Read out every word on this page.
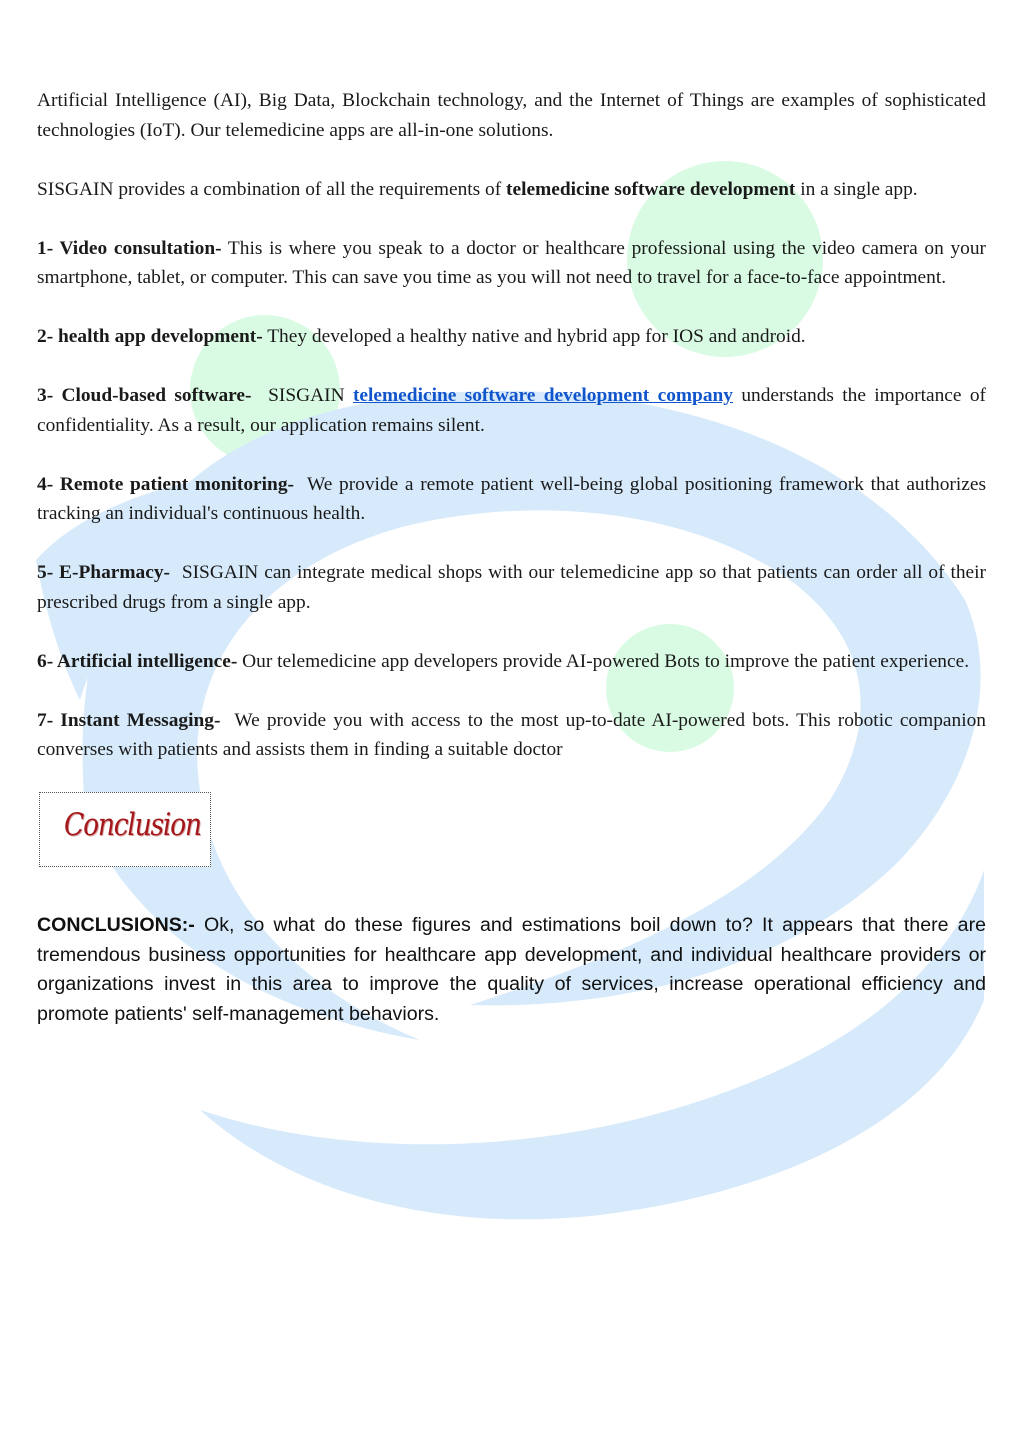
Artificial Intelligence (AI), Big Data, Blockchain technology, and the Internet of Things are examples of sophisticated technologies (IoT). Our telemedicine apps are all-in-one solutions.

SISGAIN provides a combination of all the requirements of telemedicine software development in a single app.

1- Video consultation- This is where you speak to a doctor or healthcare professional using the video camera on your smartphone, tablet, or computer. This can save you time as you will not need to travel for a face-to-face appointment.

2- health app development- They developed a healthy native and hybrid app for IOS and android.

3- Cloud-based software-  SISGAIN telemedicine software development company understands the importance of confidentiality. As a result, our application remains silent.

4- Remote patient monitoring-  We provide a remote patient well-being global positioning framework that authorizes tracking an individual's continuous health.

5- E-Pharmacy-  SISGAIN can integrate medical shops with our telemedicine app so that patients can order all of their prescribed drugs from a single app.

6- Artificial intelligence- Our telemedicine app developers provide AI-powered Bots to improve the patient experience.

7- Instant Messaging-  We provide you with access to the most up-to-date AI-powered bots. This robotic companion converses with patients and assists them in finding a suitable doctor

Conclusion

CONCLUSIONS:- Ok, so what do these figures and estimations boil down to? It appears that there are tremendous business opportunities for healthcare app development, and individual healthcare providers or organizations invest in this area to improve the quality of services, increase operational efficiency and promote patients' self-management behaviors.
